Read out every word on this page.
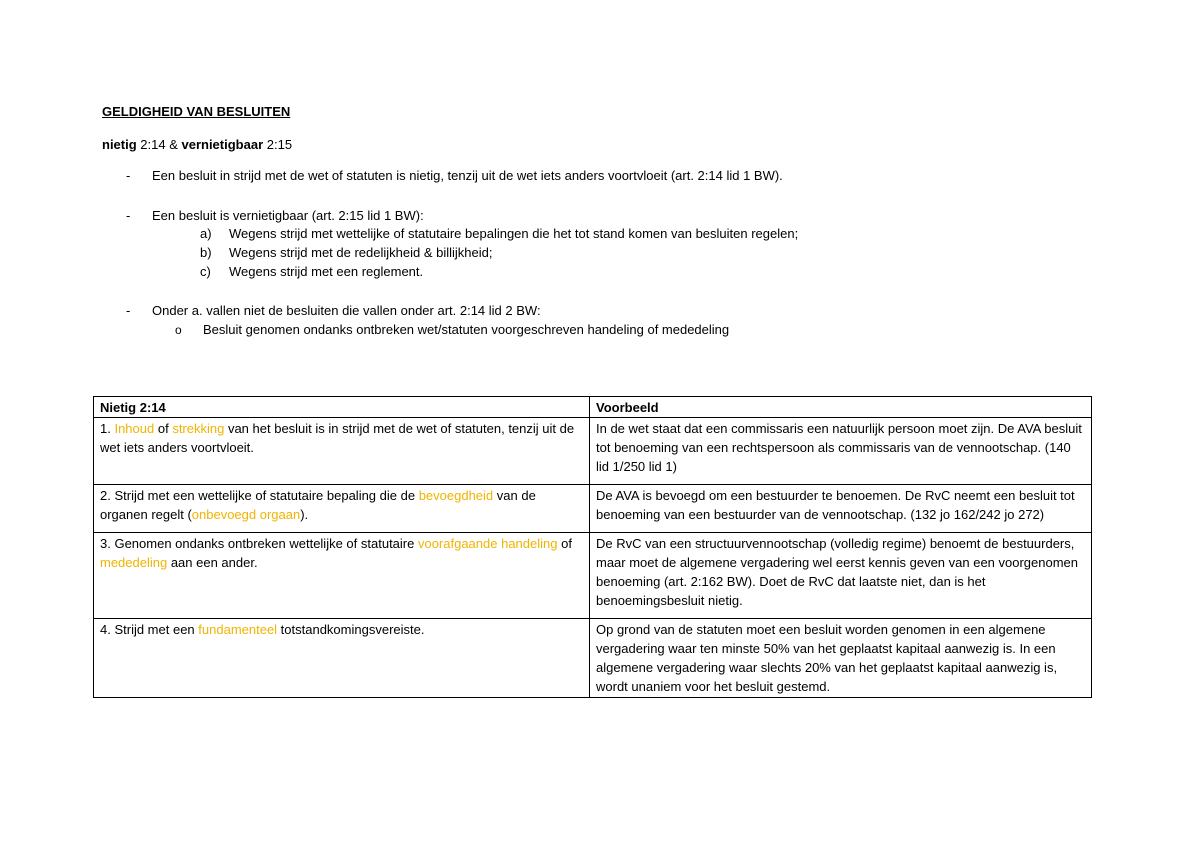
GELDIGHEID VAN BESLUITEN
nietig 2:14 & vernietigbaar 2:15
- Een besluit in strijd met de wet of statuten is nietig, tenzij uit de wet iets anders voortvloeit (art. 2:14 lid 1 BW).
- Een besluit is vernietigbaar (art. 2:15 lid 1 BW):
a) Wegens strijd met wettelijke of statutaire bepalingen die het tot stand komen van besluiten regelen;
b) Wegens strijd met de redelijkheid & billijkheid;
c) Wegens strijd met een reglement.
- Onder a. vallen niet de besluiten die vallen onder art. 2:14 lid 2 BW:
o Besluit genomen ondanks ontbreken wet/statuten voorgeschreven handeling of mededeling
Nietig 2:14	Voorbeeld
1. Inhoud of strekking van het besluit is in strijd met de wet of statuten, tenzij uit de wet iets anders voortvloeit.	In de wet staat dat een commissaris een natuurlijk persoon moet zijn. De AVA besluit tot benoeming van een rechtspersoon als commissaris van de vennootschap. (140 lid 1/250 lid 1)
2. Strijd met een wettelijke of statutaire bepaling die de bevoegdheid van de organen regelt (onbevoegd orgaan).	De AVA is bevoegd om een bestuurder te benoemen. De RvC neemt een besluit tot benoeming van een bestuurder van de vennootschap. (132 jo 162/242 jo 272)
3. Genomen ondanks ontbreken wettelijke of statutaire voorafgaande handeling of mededeling aan een ander.	De RvC van een structuurvennootschap (volledig regime) benoemt de bestuurders, maar moet de algemene vergadering wel eerst kennis geven van een voorgenomen benoeming (art. 2:162 BW). Doet de RvC dat laatste niet, dan is het benoemingsbesluit nietig.
4. Strijd met een fundamenteel totstandkomingsvereiste.	Op grond van de statuten moet een besluit worden genomen in een algemene vergadering waar ten minste 50% van het geplaatst kapitaal aanwezig is. In een algemene vergadering waar slechts 20% van het geplaatst kapitaal aanwezig is, wordt unaniem voor het besluit gestemd.
